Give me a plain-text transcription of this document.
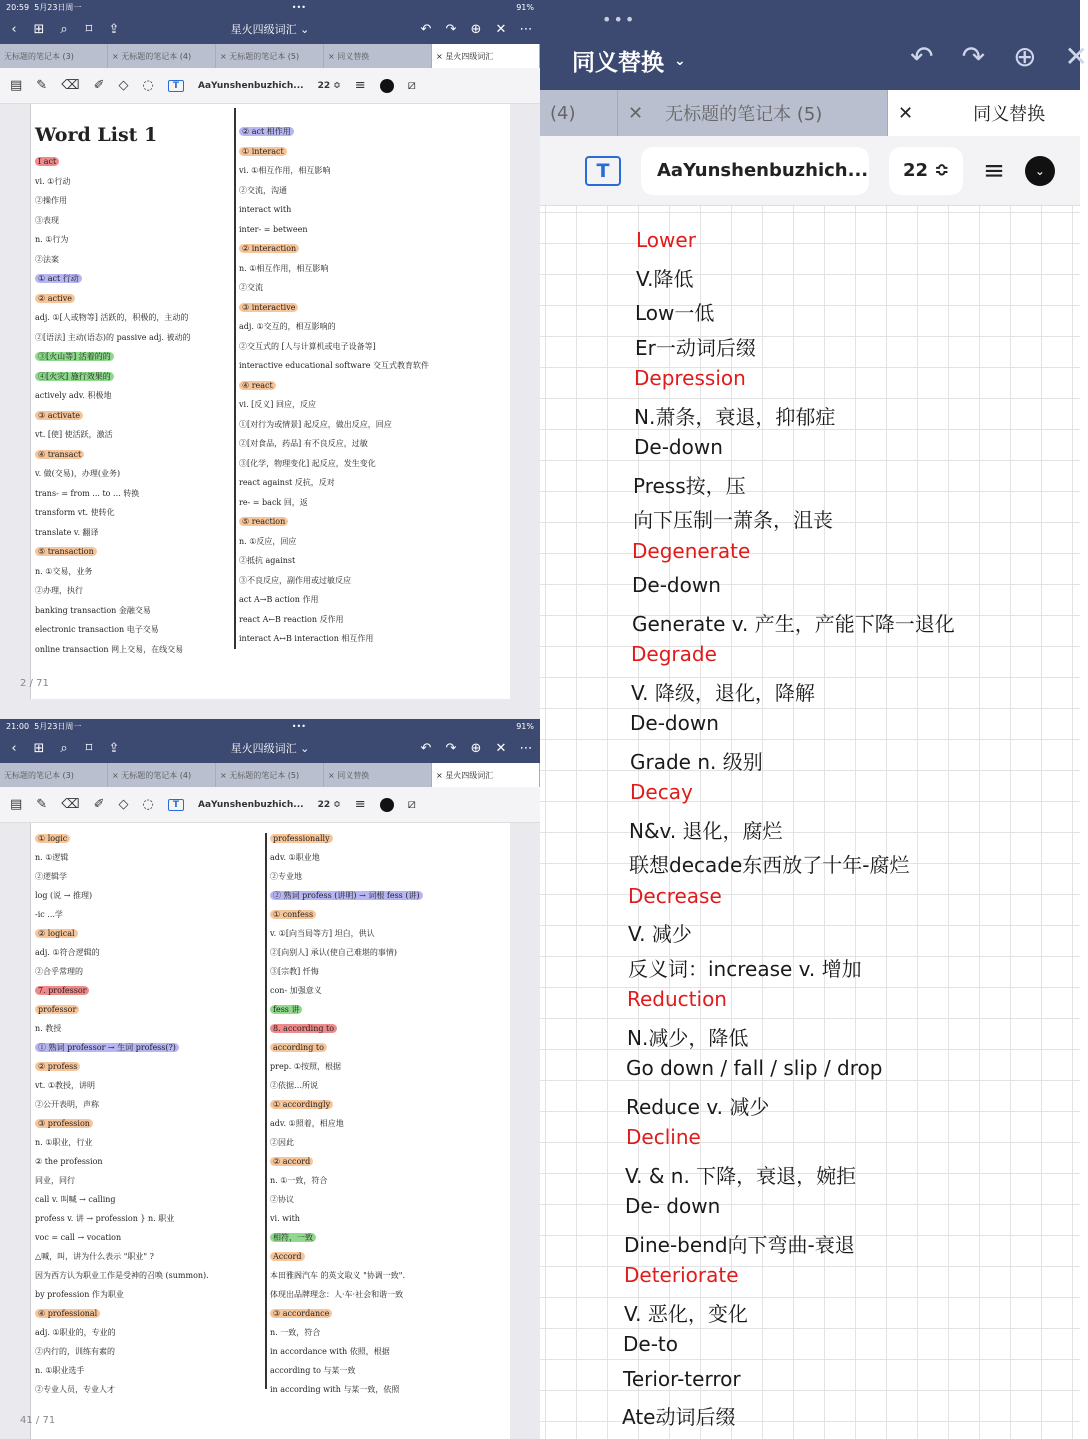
20:59 5月23日周一	•••	91%
‹	⊞	⌕	⌑	⇪	星火四级词汇 ⌄	↶ ↷ ⊕ ✕ ⋯
无标题的笔记本 (3)	× 无标题的笔记本 (4)	× 无标题的笔记本 (5)	× 同义替换	× 星火四级词汇
▤ ✎ ⌫ ✐ ◇ ◌	T	AaYunshenbuzhich... 22 ≎ ≡	⧄
Word List 1
Ⅰ act
vi. ①行动
②操作用
③表现
n. ①行为
②法案
① act 行动
② active
adj. ①[人或物等] 活跃的，积极的，主动的
②[语法] 主动(语态)的 passive adj. 被动的
③[火山等] 活着的的
④[火灾] 施行效果的
actively adv. 积极地
③ activate
vt. [使] 使活跃，激活
④ transact
v. 做(交易)，办理(业务)
trans- = from ... to ... 转换
transform vt. 使转化
translate v. 翻译
⑤ transaction
n. ①交易，业务
②办理，执行
banking transaction 金融交易
electronic transaction 电子交易
online transaction 网上交易，在线交易
② act 相作用
① interact
vi. ①相互作用，相互影响
②交流，沟通
interact with
inter- = between
② interaction
n. ①相互作用，相互影响
②交流
③ interactive
adj. ①交互的，相互影响的
②交互式的 [人与计算机或电子设备等]
interactive educational software 交互式教育软件
④ react
vi. [反义] 回应，反应
①[对行为或情景] 起反应，做出反应，回应
②[对食品，药品] 有不良反应，过敏
③[化学，物理变化] 起反应，发生变化
react against 反抗，反对
re- = back 回，返
⑤ reaction
n. ①反应，回应
②抵抗 against
③不良反应，副作用或过敏反应
act A→B action 作用
react A←B reaction 反作用
interact A↔B interaction 相互作用
2 / 71
21:00 5月23日周一	•••	91%
‹	⊞	⌕	⌑	⇪	星火四级词汇 ⌄	↶ ↷ ⊕ ✕ ⋯
无标题的笔记本 (3)	× 无标题的笔记本 (4)	× 无标题的笔记本 (5)	× 同义替换	× 星火四级词汇
▤ ✎ ⌫ ✐ ◇ ◌	T	AaYunshenbuzhich... 22 ≎ ≡	⧄
① logic
n. ①逻辑
②逻辑学
log (说 → 推理)
-ic ...学
② logical
adj. ①符合逻辑的
②合乎常理的
7. professor
professor
n. 教授
① 熟词 professor → 生词 profess(?)
② profess
vt. ①教授，讲明
②公开表明，声称
③ profession
n. ①职业，行业
② the profession
同业，同行
call v. 叫喊 → calling
profess v. 讲 → profession } n. 职业
voc = call → vocation
△喊，叫，讲为什么表示 "职业" ?
因为西方认为职业工作是受神的召唤 (summon).
by profession 作为职业
④ professional
adj. ①职业的，专业的
②内行的，训练有素的
n. ①职业选手
②专业人员，专业人才
professionally
adv. ①职业地
②专业地
② 熟词 profess (讲明) → 词根 fess (讲)
① confess
v. ①[向当局等方] 坦白，供认
②[向别人] 承认(使自己难堪的事情)
③[宗教] 忏悔
con- 加强意义
fess 讲
8. according to
according to
prep. ①按照，根据
②依据…所说
① accordingly
adv. ①照着，相应地
②因此
② accord
n. ①一致，符合
②协议
vi. with
相符，一致
Accord
本田雅阁汽车 的英文取义 "协调一致".
体现出品牌理念：人·车·社会和谐一致
③ accordance
n. 一致，符合
in accordance with 依照，根据
according to 与某一致
in according with 与某一致，依照
41 / 71
•••
同义替换 ⌄	↶ ↷ ⊕ ✕
(4)	✕ 无标题的笔记本 (5)	✕	同义替换
T	AaYunshenbuzhich... 22 ≎ ≡	⌄
Lower
V.降低
Low一低
Er一动词后缀
Depression
N.萧条，衰退，抑郁症
De-down
Press按，压
向下压制一萧条，沮丧
Degenerate
De-down
Generate v. 产生，产能下降一退化
Degrade
V. 降级，退化，降解
De-down
Grade n. 级别
Decay
N&v. 退化，腐烂
联想decade东西放了十年-腐烂
Decrease
V. 减少
反义词：increase v. 增加
Reduction
N.减少，降低
Go down / fall / slip / drop
Reduce v. 减少
Decline
V. & n. 下降，衰退，婉拒
De- down
Dine-bend向下弯曲-衰退
Deteriorate
V. 恶化，变化
De-to
Terior-terror
Ate动词后缀
